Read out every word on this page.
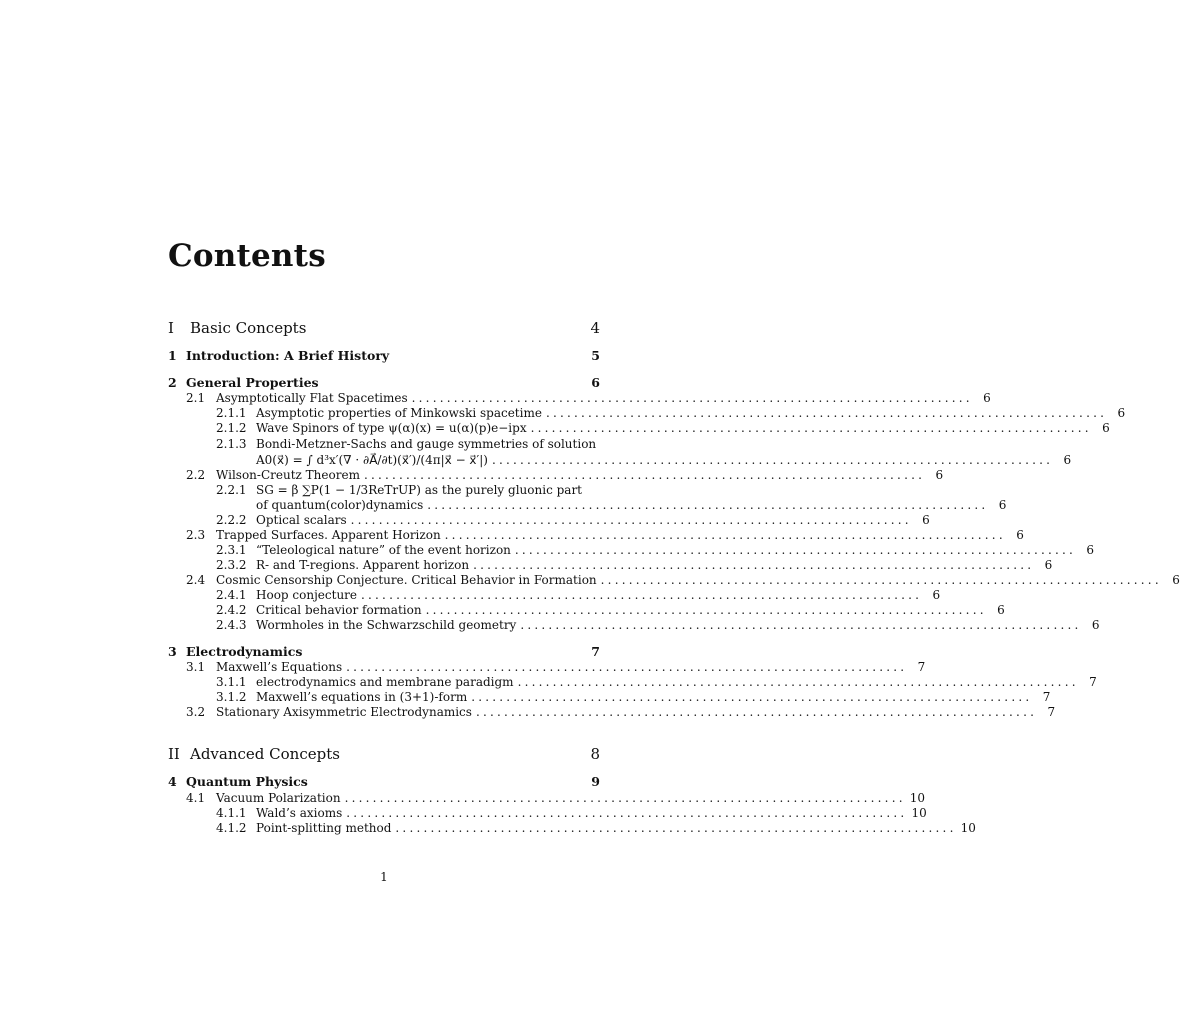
Contents
I	Basic Concepts	4
1 Introduction: A Brief History	5
2 General Properties	6
2.1 Asymptotically Flat Spacetimes ................................................................................ 6
2.1.1 Asymptotic properties of Minkowski spacetime ................................................................................ 6
2.1.2 Wave Spinors of type ψ(α)(x) = u(α)(p)e−ipx ................................................................................ 6
2.1.3 Bondi-Metzner-Sachs and gauge symmetries of solution
A0(x⃗) = ∫ d³x′(∇ · ∂A⃗/∂t)(x⃗′)/(4π|x⃗ − x⃗′|) ................................................................................ 6
2.2 Wilson-Creutz Theorem ................................................................................ 6
2.2.1 SG = β ∑P(1 − 1/3ReTrUP) as the purely gluonic part
of quantum(color)dynamics ................................................................................ 6
2.2.2 Optical scalars ................................................................................ 6
2.3 Trapped Surfaces. Apparent Horizon ................................................................................ 6
2.3.1 “Teleological nature” of the event horizon ................................................................................ 6
2.3.2 R- and T-regions. Apparent horizon ................................................................................ 6
2.4 Cosmic Censorship Conjecture. Critical Behavior in Formation ................................................................................ 6
2.4.1 Hoop conjecture ................................................................................ 6
2.4.2 Critical behavior formation ................................................................................ 6
2.4.3 Wormholes in the Schwarzschild geometry ................................................................................ 6
3 Electrodynamics	7
3.1 Maxwell’s Equations ................................................................................ 7
3.1.1 electrodynamics and membrane paradigm ................................................................................ 7
3.1.2 Maxwell’s equations in (3+1)-form ................................................................................ 7
3.2 Stationary Axisymmetric Electrodynamics ................................................................................ 7
II Advanced Concepts	8
4 Quantum Physics	9
4.1 Vacuum Polarization ................................................................................ 10
4.1.1 Wald’s axioms ................................................................................ 10
4.1.2 Point-splitting method ................................................................................ 10
1
